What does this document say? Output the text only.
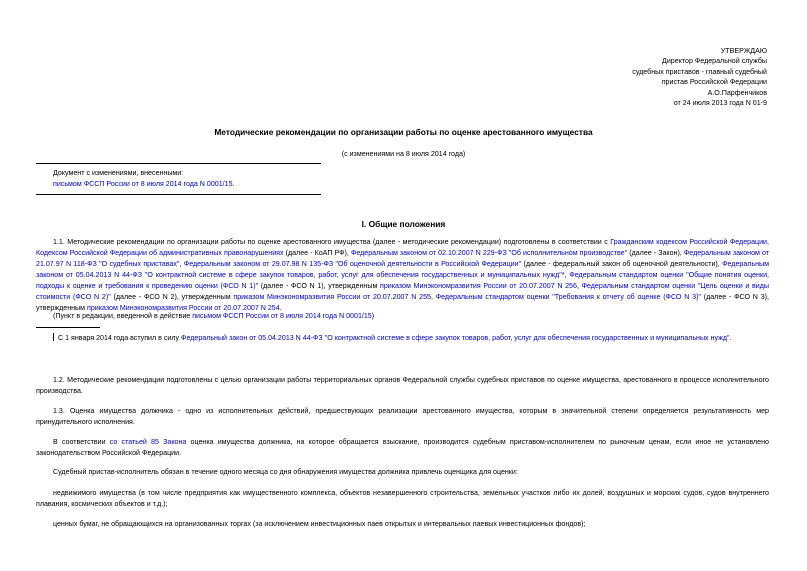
УТВЕРЖДАЮ
Директор Федеральной службы
судебных приставов - главный судебный
пристав Российской Федерации
А.О.Парфенчиков
от 24 июля 2013 года N 01-9
Методические рекомендации по организации работы по оценке арестованного имущества
(с изменениями на 8 июля 2014 года)
Документ с изменениями, внесенными:
письмом ФССП России от 8 июля 2014 года N 0001/15.
I. Общие положения
1.1. Методические рекомендации по организации работы по оценке арестованного имущества (далее - методические рекомендации) подготовлены в соответствии с Гражданским кодексом Российской Федерации, Кодексом Российской Федерации об административных правонарушениях (далее - КоАП РФ), Федеральным законом от 02.10.2007 N 229-ФЗ "Об исполнительном производстве" (далее - Закон), Федеральным законом от 21.07.97 N 118-ФЗ "О судебных приставах", Федеральным законом от 29.07.98 N 135-ФЗ "Об оценочной деятельности в Российской Федерации" (далее - федеральный закон об оценочной деятельности), Федеральным законом от 05.04.2013 N 44-ФЗ "О контрактной системе в сфере закупок товаров, работ, услуг для обеспечения государственных и муниципальных нужд"*, Федеральным стандартом оценки "Общие понятия оценки, подходы к оценке и требования к проведению оценки (ФСО N 1)" (далее - ФСО N 1), утвержденным приказом Минэкономразвития России от 20.07.2007 N 256, Федеральным стандартом оценки "Цель оценки и виды стоимости (ФСО N 2)" (далее - ФСО N 2), утвержденным приказом Минэкономразвития России от 20.07.2007 N 255, Федеральным стандартом оценки "Требования к отчету об оценке (ФСО N 3)" (далее - ФСО N 3), утвержденным приказом Минэкономразвития России от 20.07.2007 N 254.
(Пункт в редакции, введенной в действие письмом ФССП России от 8 июля 2014 года N 0001/15)
С 1 января 2014 года вступил в силу Федеральный закон от 05.04.2013 N 44-ФЗ "О контрактной системе в сфере закупок товаров, работ, услуг для обеспечения государственных и муниципальных нужд".
1.2. Методические рекомендации подготовлены с целью организации работы территориальных органов Федеральной службы судебных приставов по оценке имущества, арестованного в процессе исполнительного производства.
1.3. Оценка имущества должника - одно из исполнительных действий, предшествующих реализации арестованного имущества, которым в значительной степени определяется результативность мер принудительного исполнения.
В соответствии со статьей 85 Закона оценка имущества должника, на которое обращается взыскание, производится судебным приставом-исполнителем по рыночным ценам, если иное не установлено законодательством Российской Федерации.
Судебный пристав-исполнитель обязан в течение одного месяца со дня обнаружения имущества должника привлечь оценщика для оценки:
недвижимого имущества (в том числе предприятия как имущественного комплекса, объектов незавершенного строительства, земельных участков либо их долей, воздушных и морских судов, судов внутреннего плавания, космических объектов и т.д.);
ценных бумаг, не обращающихся на организованных торгах (за исключением инвестиционных паев открытых и интервальных паевых инвестиционных фондов);
